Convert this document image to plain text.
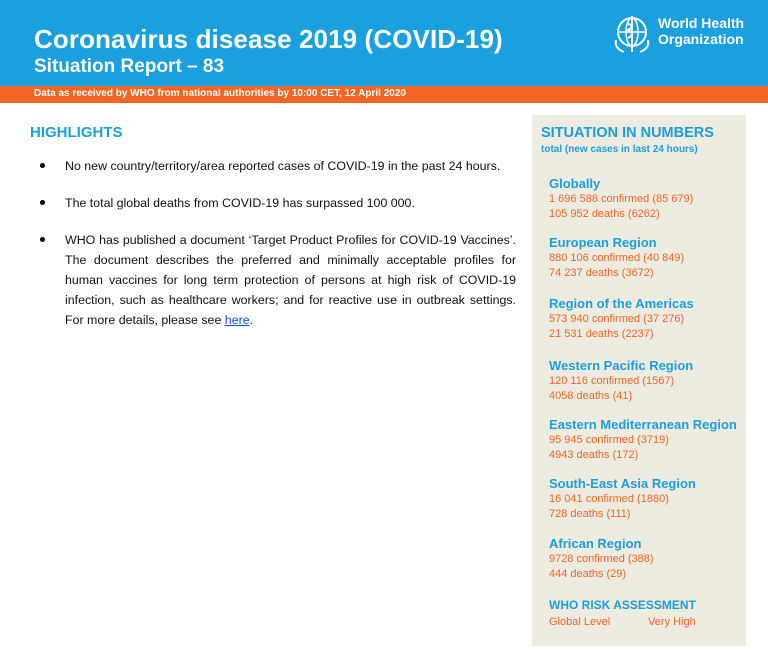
Coronavirus disease 2019 (COVID-19)
Situation Report – 83
World Health
Organization
Data as received by WHO from national authorities by 10:00 CET, 12 April 2020
HIGHLIGHTS
No new country/territory/area reported cases of COVID-19 in the past 24 hours.
The total global deaths from COVID-19 has surpassed 100 000.
WHO has published a document ‘Target Product Profiles for COVID-19 Vaccines’. The document describes the preferred and minimally acceptable profiles for human vaccines for long term protection of persons at high risk of COVID-19 infection, such as healthcare workers; and for reactive use in outbreak settings. For more details, please see here.
SITUATION IN NUMBERS
total (new cases in last 24 hours)
Globally
1 696 588 confirmed (85 679)
105 952 deaths (6262)
European Region
880 106 confirmed (40 849)
74 237 deaths (3672)
Region of the Americas
573 940 confirmed (37 276)
21 531 deaths (2237)
Western Pacific Region
120 116 confirmed (1567)
4058 deaths (41)
Eastern Mediterranean Region
95 945 confirmed (3719)
4943 deaths (172)
South-East Asia Region
16 041 confirmed (1880)
728 deaths (111)
African Region
9728 confirmed (388)
444 deaths (29)
WHO RISK ASSESSMENT
Global Level	Very High
